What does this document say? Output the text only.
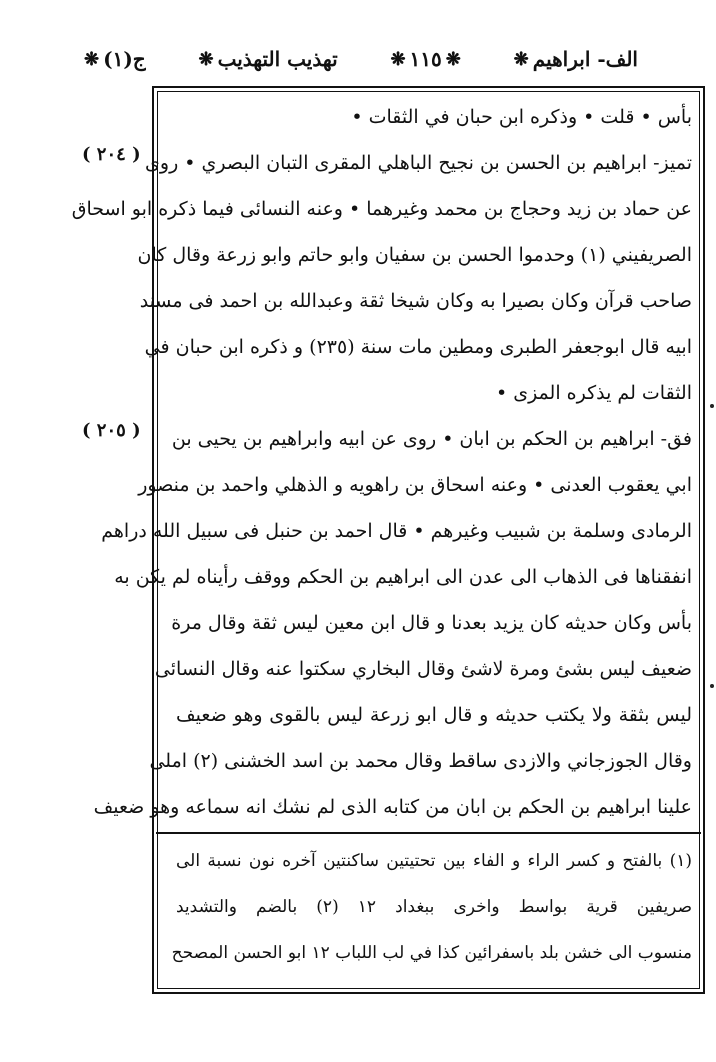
ج(١)
❋	تهذيب التهذيب
❋	❋
١١٥
❋	الف- ابراهيم
❋
( ٢٠٤ )
( ٢٠٥ )
بأس • قلت • وذكره ابن حبان في الثقات •
تميز- ابراهيم بن الحسن بن نجيح الباهلي المقرى التبان البصري • روى
عن حماد بن زيد وحجاج بن محمد وغيرهما • وعنه النسائى فيما ذكره ابو اسحاق
الصريفيني (١) وحدموا الحسن بن سفيان وابو حاتم وابو زرعة وقال كان
صاحب قرآن وكان بصيرا به وكان شيخا ثقة وعبدالله بن احمد فى مسند
ابيه قال ابوجعفر الطبرى ومطين مات سنة (٢٣٥) و ذكره ابن حبان في
الثقات لم يذكره المزى •
فق- ابراهيم بن الحكم بن ابان • روى عن ابيه وابراهيم بن يحيى بن
ابي يعقوب العدنى • وعنه اسحاق بن راهويه و الذهلي واحمد بن منصور
الرمادى وسلمة بن شبيب وغيرهم • قال احمد بن حنبل فى سبيل الله دراهم
انفقناها فى الذهاب الى عدن الى ابراهيم بن الحكم ووقف رأيناه لم يكن به
بأس وكان حديثه كان يزيد بعدنا و قال ابن معين ليس ثقة وقال مرة
ضعيف ليس بشئ ومرة لاشئ وقال البخاري سكتوا عنه وقال النسائى
ليس بثقة ولا يكتب حديثه و قال ابو زرعة ليس بالقوى وهو ضعيف
وقال الجوزجاني والازدى ساقط وقال محمد بن اسد الخشنى (٢) املى
علينا ابراهيم بن الحكم بن ابان من كتابه الذى لم نشك انه سماعه وهو ضعيف
(١) بالفتح و كسر الراء و الفاء بين تحتيتين ساكنتين آخره نون نسبة الى
صريفين قرية بواسط واخرى ببغداد ١٢ (٢) بالضم والتشديد
منسوب الى خشن بلد باسفرائين كذا في لب اللباب ١٢ ابو الحسن المصحح
